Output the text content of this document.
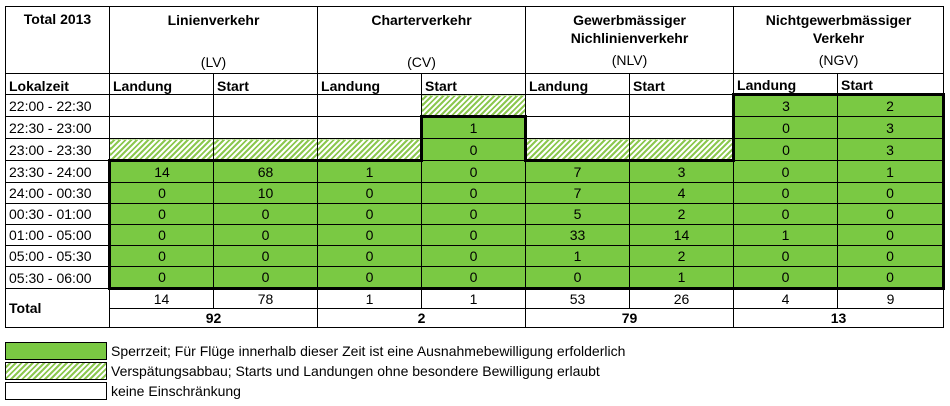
Total 2013	Linienverkehr
(LV)		Charterverkehr
(CV)		Gewerbmässiger
Nichlinienverkehr
(NLV)		Nichtgewerbmässiger
Verkehr
(NGV)	

Lokalzeit	Landung	Start	Landung	Start	Landung	Start	Landung	Start
22:00 - 22:30							3	2
22:30 - 23:00				1			0	3
23:00 - 23:30				0			0	3
23:30 - 24:00	14	68	1	0	7	3	0	1
24:00 - 00:30	0	10	0	0	7	4	0	0
00:30 - 01:00	0	0	0	0	5	2	0	0
01:00 - 05:00	0	0	0	0	33	14	1	0
05:00 - 05:30	0	0	0	0	1	2	0	0
05:30 - 06:00	0	0	0	0	0	1	0	0
Total	14	78	1	1	53	26	4	9
	92		2		79		13	
Sperrzeit; Für Flüge innerhalb dieser Zeit ist eine Ausnahmebewilligung erfolderlich
Verspätungsabbau; Starts und Landungen ohne besondere Bewilligung erlaubt
keine Einschränkung
